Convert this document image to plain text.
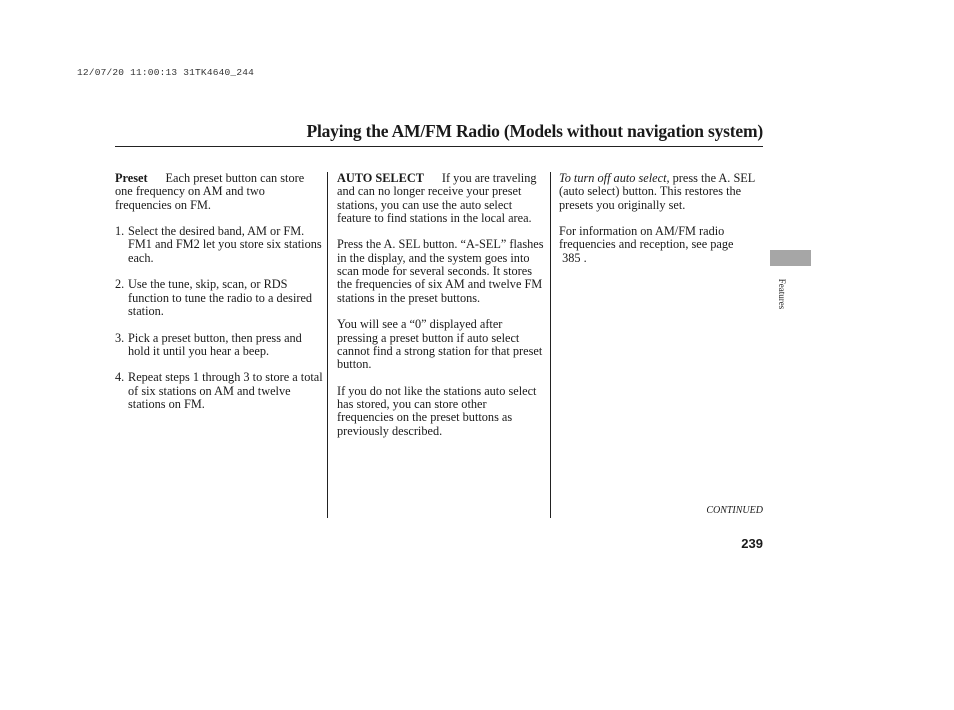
12/07/20 11:00:13 31TK4640_244
Playing the AM/FM Radio (Models without navigation system)

Preset Each preset button can store one frequency on AM and two frequencies on FM.

1. Select the desired band, AM or FM. FM1 and FM2 let you store six stations each.
2. Use the tune, skip, scan, or RDS function to tune the radio to a desired station.
3. Pick a preset button, then press and hold it until you hear a beep.
4. Repeat steps 1 through 3 to store a total of six stations on AM and twelve stations on FM.

AUTO SELECT If you are traveling and can no longer receive your preset stations, you can use the auto select feature to find stations in the local area.

Press the A. SEL button. “A-SEL” flashes in the display, and the system goes into scan mode for several seconds. It stores the frequencies of six AM and twelve FM stations in the preset buttons.

You will see a “0” displayed after pressing a preset button if auto select cannot find a strong station for that preset button.

If you do not like the stations auto select has stored, you can store other frequencies on the preset buttons as previously described.

To turn off auto select, press the A. SEL (auto select) button. This restores the presets you originally set.

For information on AM/FM radio frequencies and reception, see page
385 .

Features
CONTINUED
239
